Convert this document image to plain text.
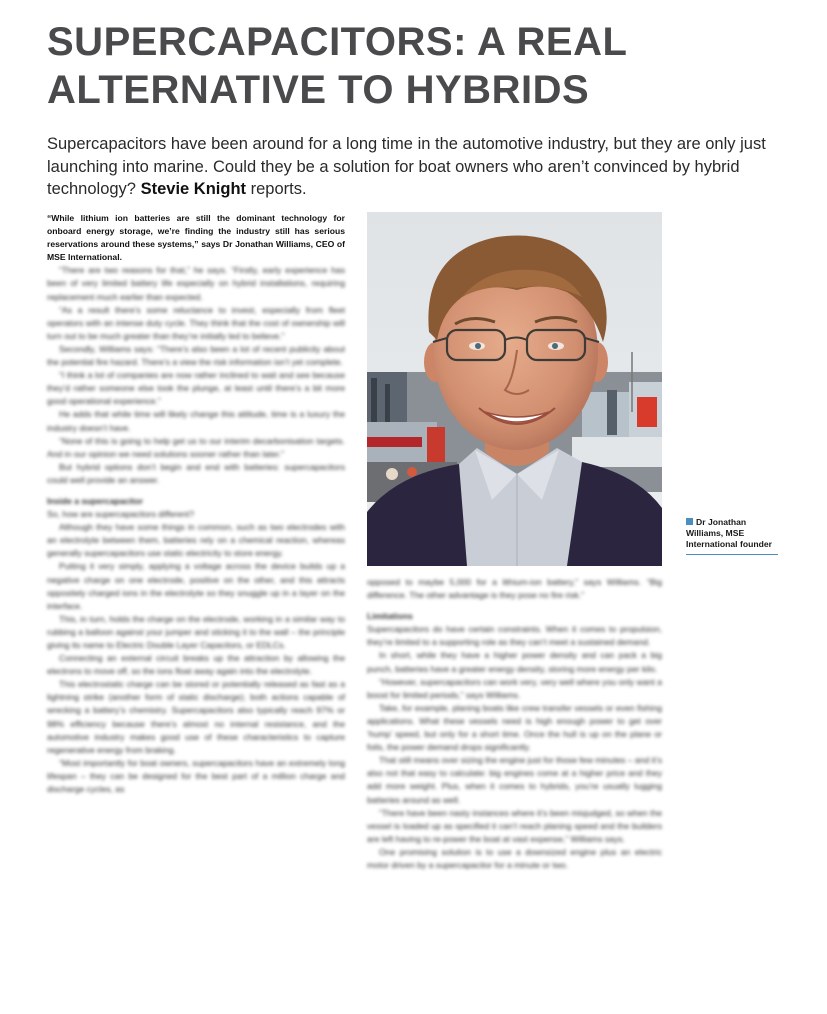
SUPERCAPACITORS: A REAL
ALTERNATIVE TO HYBRIDS

Supercapacitors have been around for a long time in the automotive industry, but they are only just launching into marine. Could they be a solution for boat owners who aren’t convinced by hybrid technology? Stevie Knight reports.

“While lithium ion batteries are still the dominant technology for onboard energy storage, we’re finding the industry still has serious reservations around these systems,” says Dr Jonathan Williams, CEO of MSE International.

“There are two reasons for that,” he says. “Firstly, early experience has been of very limited battery life especially on hybrid installations, requiring replacement much earlier than expected.

“As a result there’s some reluctance to invest, especially from fleet operators with an intense duty cycle. They think that the cost of ownership will turn out to be much greater than they’re initially led to believe.”

Secondly, Williams says: “There’s also been a lot of recent publicity about the potential fire hazard. There’s a view the risk information isn’t yet complete.

“I think a lot of companies are now rather inclined to wait and see because they’d rather someone else took the plunge, at least until there’s a bit more good operational experience.”

He adds that while time will likely change this attitude, time is a luxury the industry doesn’t have.

“None of this is going to help get us to our interim decarbonisation targets. And in our opinion we need solutions sooner rather than later.”

But hybrid options don’t begin and end with batteries: supercapacitors could well provide an answer.

Inside a supercapacitor

So, how are supercapacitors different?

Although they have some things in common, such as two electrodes with an electrolyte between them, batteries rely on a chemical reaction, whereas generally supercapacitors use static electricity to store energy.

Putting it very simply, applying a voltage across the device builds up a negative charge on one electrode, positive on the other, and this attracts oppositely charged ions in the electrolyte so they snuggle up in a layer on the interface.

This, in turn, holds the charge on the electrode, working in a similar way to rubbing a balloon against your jumper and sticking it to the wall – the principle giving its name to Electric Double Layer Capacitors, or EDLCs.

Connecting an external circuit breaks up the attraction by allowing the electrons to move off, so the ions float away again into the electrolyte.

This electrostatic charge can be stored or potentially released as fast as a lightning strike (another form of static discharge); both actions capable of wrecking a battery’s chemistry. Supercapacitors also typically reach 97% or 98% efficiency because there’s almost no internal resistance, and the automotive industry makes good use of these characteristics to capture regenerative energy from braking.

“Most importantly for boat owners, supercapacitors have an extremely long lifespan – they can be designed for the best part of a million charge and discharge cycles, as

Dr Jonathan Williams, MSE International founder

opposed to maybe 5,000 for a lithium-ion battery,” says Williams. “Big difference. The other advantage is they pose no fire risk.”

Limitations

Supercapacitors do have certain constraints. When it comes to propulsion, they’re limited to a supporting role as they can’t meet a sustained demand.

In short, while they have a higher power density and can pack a big punch, batteries have a greater energy density, storing more energy per kilo.

“However, supercapacitors can work very, very well where you only want a boost for limited periods,” says Williams.

Take, for example, planing boats like crew transfer vessels or even fishing applications. What these vessels need is high enough power to get over ‘hump’ speed, but only for a short time. Once the hull is up on the plane or foils, the power demand drops significantly.

That still means over sizing the engine just for those few minutes – and it’s also not that easy to calculate: big engines come at a higher price and they add more weight. Plus, when it comes to hybrids, you’re usually lugging batteries around as well.

“There have been nasty instances where it’s been misjudged, so when the vessel is loaded up as specified it can’t reach planing speed and the builders are left having to re-power the boat at vast expense,” Williams says.

One promising solution is to use a downsized engine plus an electric motor driven by a supercapacitor for a minute or two.
